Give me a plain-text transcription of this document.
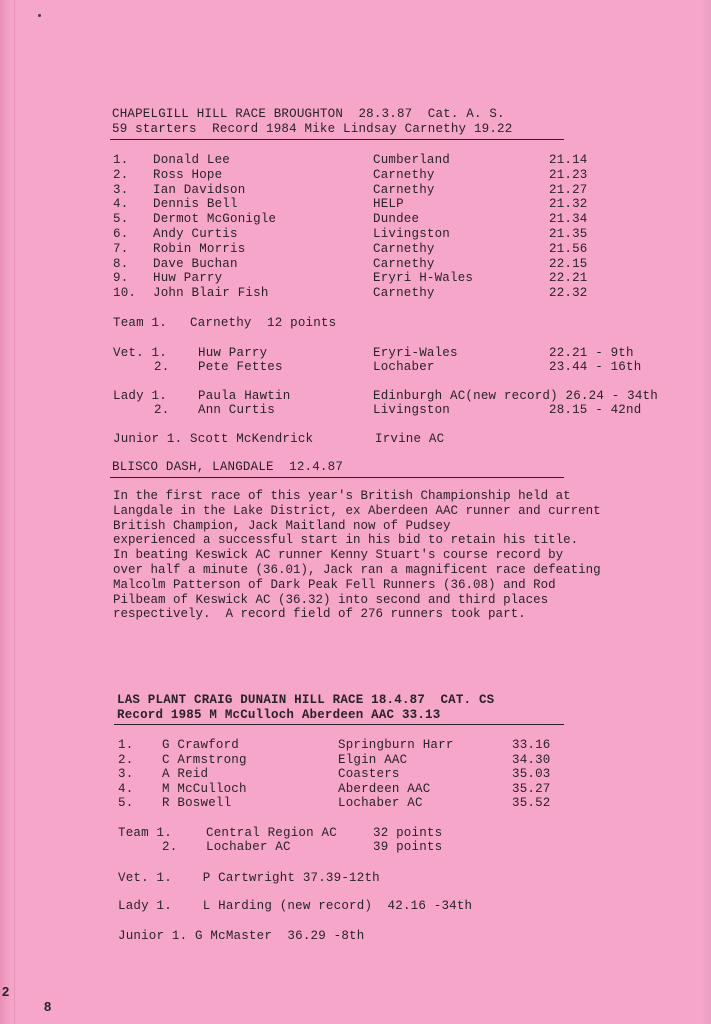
CHAPELGILL HILL RACE BROUGHTON  28.3.87  Cat. A. S.
59 starters  Record 1984 Mike Lindsay Carnethy 19.22
1. Donald Lee	Cumberland	21.14
2. Ross Hope	Carnethy	21.23
3. Ian Davidson	Carnethy	21.27
4. Dennis Bell	HELP	21.32
5. Dermot McGonigle	Dundee	21.34
6. Andy Curtis	Livingston	21.35
7. Robin Morris	Carnethy	21.56
8. Dave Buchan	Carnethy	22.15
9. Huw Parry	Eryri H-Wales	22.21
10. John Blair Fish	Carnethy	22.32
Team 1.   Carnethy  12 points
Vet. 1. Huw Parry	Eryri-Wales	22.21 - 9th
2. Pete Fettes	Lochaber	23.44 - 16th
Lady 1. Paula Hawtin	Edinburgh AC(new record) 26.24 - 34th
2. Ann Curtis	Livingston	28.15 - 42nd
Junior 1. Scott McKendrick	Irvine AC
BLISCO DASH, LANGDALE  12.4.87
In the first race of this year's British Championship held at
Langdale in the Lake District, ex Aberdeen AAC runner and current
British Champion, Jack Maitland now of Pudsey
experienced a successful start in his bid to retain his title.
In beating Keswick AC runner Kenny Stuart's course record by
over half a minute (36.01), Jack ran a magnificent race defeating
Malcolm Patterson of Dark Peak Fell Runners (36.08) and Rod
Pilbeam of Keswick AC (36.32) into second and third places
respectively.  A record field of 276 runners took part.
LAS PLANT CRAIG DUNAIN HILL RACE 18.4.87  CAT. CS
Record 1985 M McCulloch Aberdeen AAC 33.13
1. G Crawford	Springburn Harr	33.16
2. C Armstrong	Elgin AAC	34.30
3. A Reid	Coasters	35.03
4. M McCulloch	Aberdeen AAC	35.27
5. R Boswell	Lochaber AC	35.52
Team 1.	Central Region AC	32 points
2. Lochaber AC	39 points
Vet. 1.    P Cartwright 37.39-12th
Lady 1.    L Harding (new record)  42.16 -34th
Junior 1. G McMaster  36.29 -8th
2
8
